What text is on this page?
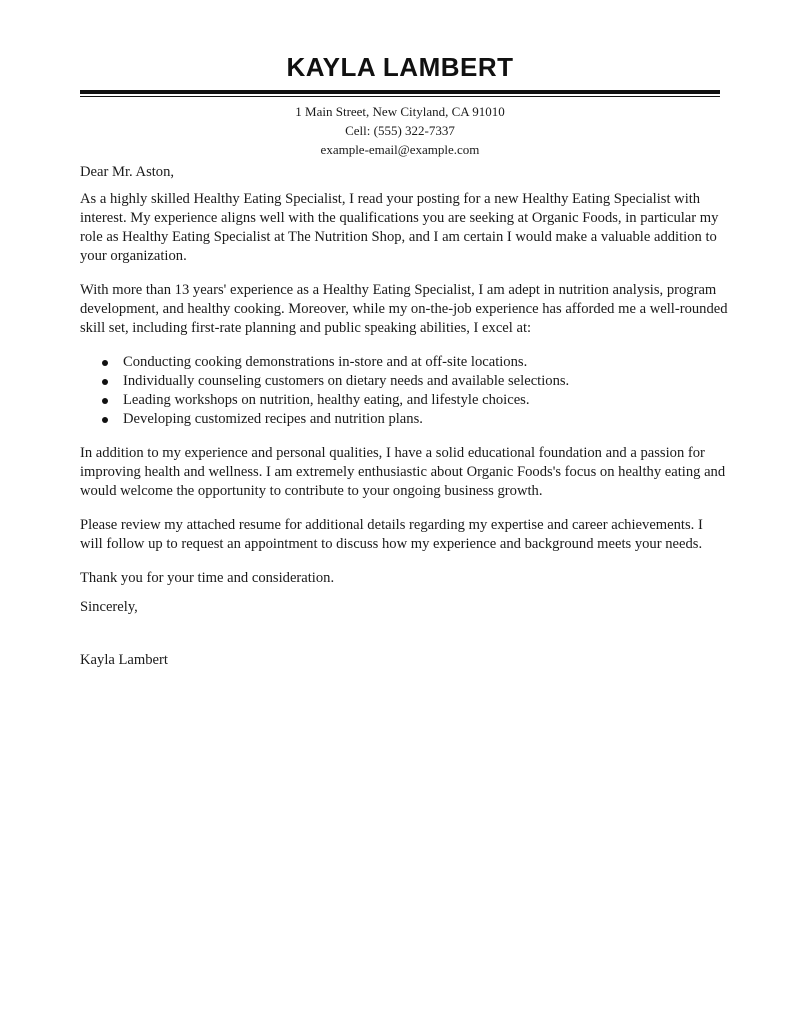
KAYLA LAMBERT
1 Main Street, New Cityland, CA 91010
Cell: (555) 322-7337
example-email@example.com

Dear Mr. Aston,

As a highly skilled Healthy Eating Specialist, I read your posting for a new Healthy Eating Specialist with interest. My experience aligns well with the qualifications you are seeking at Organic Foods, in particular my role as Healthy Eating Specialist at The Nutrition Shop, and I am certain I would make a valuable addition to your organization.

With more than 13 years' experience as a Healthy Eating Specialist, I am adept in nutrition analysis, program development, and healthy cooking. Moreover, while my on-the-job experience has afforded me a well-rounded skill set, including first-rate planning and public speaking abilities, I excel at:

Conducting cooking demonstrations in-store and at off-site locations.
Individually counseling customers on dietary needs and available selections.
Leading workshops on nutrition, healthy eating, and lifestyle choices.
Developing customized recipes and nutrition plans.

In addition to my experience and personal qualities, I have a solid educational foundation and a passion for improving health and wellness. I am extremely enthusiastic about Organic Foods's focus on healthy eating and would welcome the opportunity to contribute to your ongoing business growth.

Please review my attached resume for additional details regarding my expertise and career achievements. I will follow up to request an appointment to discuss how my experience and background meets your needs.

Thank you for your time and consideration.

Sincerely,

Kayla Lambert
